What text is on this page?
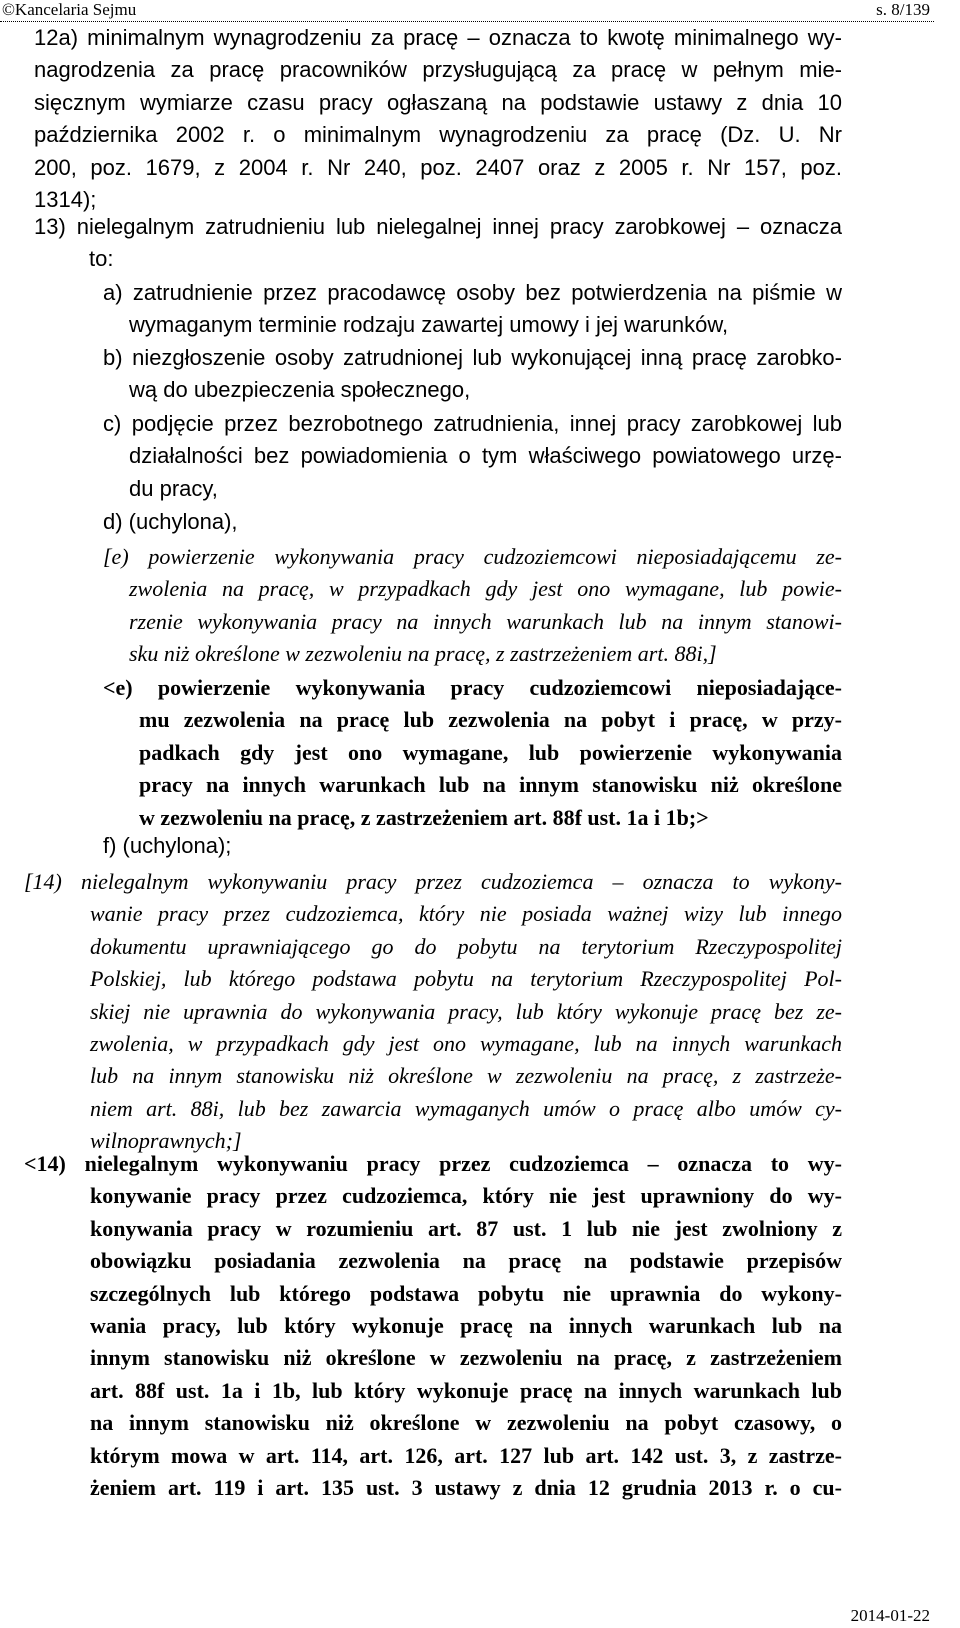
©Kancelaria Sejmu	s. 8/139
12a) minimalnym wynagrodzeniu za pracę – oznacza to kwotę minimalnego wy-
nagrodzenia za pracę pracowników przysługującą za pracę w pełnym mie-
sięcznym wymiarze czasu pracy ogłaszaną na podstawie ustawy z dnia 10
października 2002 r. o minimalnym wynagrodzeniu za pracę (Dz. U. Nr
200, poz. 1679, z 2004 r. Nr 240, poz. 2407 oraz z 2005 r. Nr 157, poz.
1314);
13) nielegalnym zatrudnieniu lub nielegalnej innej pracy zarobkowej – oznacza
to:
a) zatrudnienie przez pracodawcę osoby bez potwierdzenia na piśmie w
wymaganym terminie rodzaju zawartej umowy i jej warunków,
b) niezgłoszenie osoby zatrudnionej lub wykonującej inną pracę zarobko-
wą do ubezpieczenia społecznego,
c) podjęcie przez bezrobotnego zatrudnienia, innej pracy zarobkowej lub
działalności bez powiadomienia o tym właściwego powiatowego urzę-
du pracy,
d) (uchylona),
[e) powierzenie wykonywania pracy cudzoziemcowi nieposiadającemu ze-
zwolenia na pracę, w przypadkach gdy jest ono wymagane, lub powie-
rzenie wykonywania pracy na innych warunkach lub na innym stanowi-
sku niż określone w zezwoleniu na pracę, z zastrzeżeniem art. 88i,]
<e) powierzenie wykonywania pracy cudzoziemcowi nieposiadające-
mu zezwolenia na pracę lub zezwolenia na pobyt i pracę, w przy-
padkach gdy jest ono wymagane, lub powierzenie wykonywania
pracy na innych warunkach lub na innym stanowisku niż określone
w zezwoleniu na pracę, z zastrzeżeniem art. 88f ust. 1a i 1b;>
f) (uchylona);
[14) nielegalnym wykonywaniu pracy przez cudzoziemca – oznacza to wykony-
wanie pracy przez cudzoziemca, który nie posiada ważnej wizy lub innego
dokumentu uprawniającego go do pobytu na terytorium Rzeczypospolitej
Polskiej, lub którego podstawa pobytu na terytorium Rzeczypospolitej Pol-
skiej nie uprawnia do wykonywania pracy, lub który wykonuje pracę bez ze-
zwolenia, w przypadkach gdy jest ono wymagane, lub na innych warunkach
lub na innym stanowisku niż określone w zezwoleniu na pracę, z zastrzeże-
niem art. 88i, lub bez zawarcia wymaganych umów o pracę albo umów cy-
wilnoprawnych;]
<14) nielegalnym wykonywaniu pracy przez cudzoziemca – oznacza to wy-
konywanie pracy przez cudzoziemca, który nie jest uprawniony do wy-
konywania pracy w rozumieniu art. 87 ust. 1 lub nie jest zwolniony z
obowiązku posiadania zezwolenia na pracę na podstawie przepisów
szczególnych lub którego podstawa pobytu nie uprawnia do wykony-
wania pracy, lub który wykonuje pracę na innych warunkach lub na
innym stanowisku niż określone w zezwoleniu na pracę, z zastrzeżeniem
art. 88f ust. 1a i 1b, lub który wykonuje pracę na innych warunkach lub
na innym stanowisku niż określone w zezwoleniu na pobyt czasowy, o
którym mowa w art. 114, art. 126, art. 127 lub art. 142 ust. 3, z zastrze-
żeniem art. 119 i art. 135 ust. 3 ustawy z dnia 12 grudnia 2013 r. o cu-
2014-01-22
